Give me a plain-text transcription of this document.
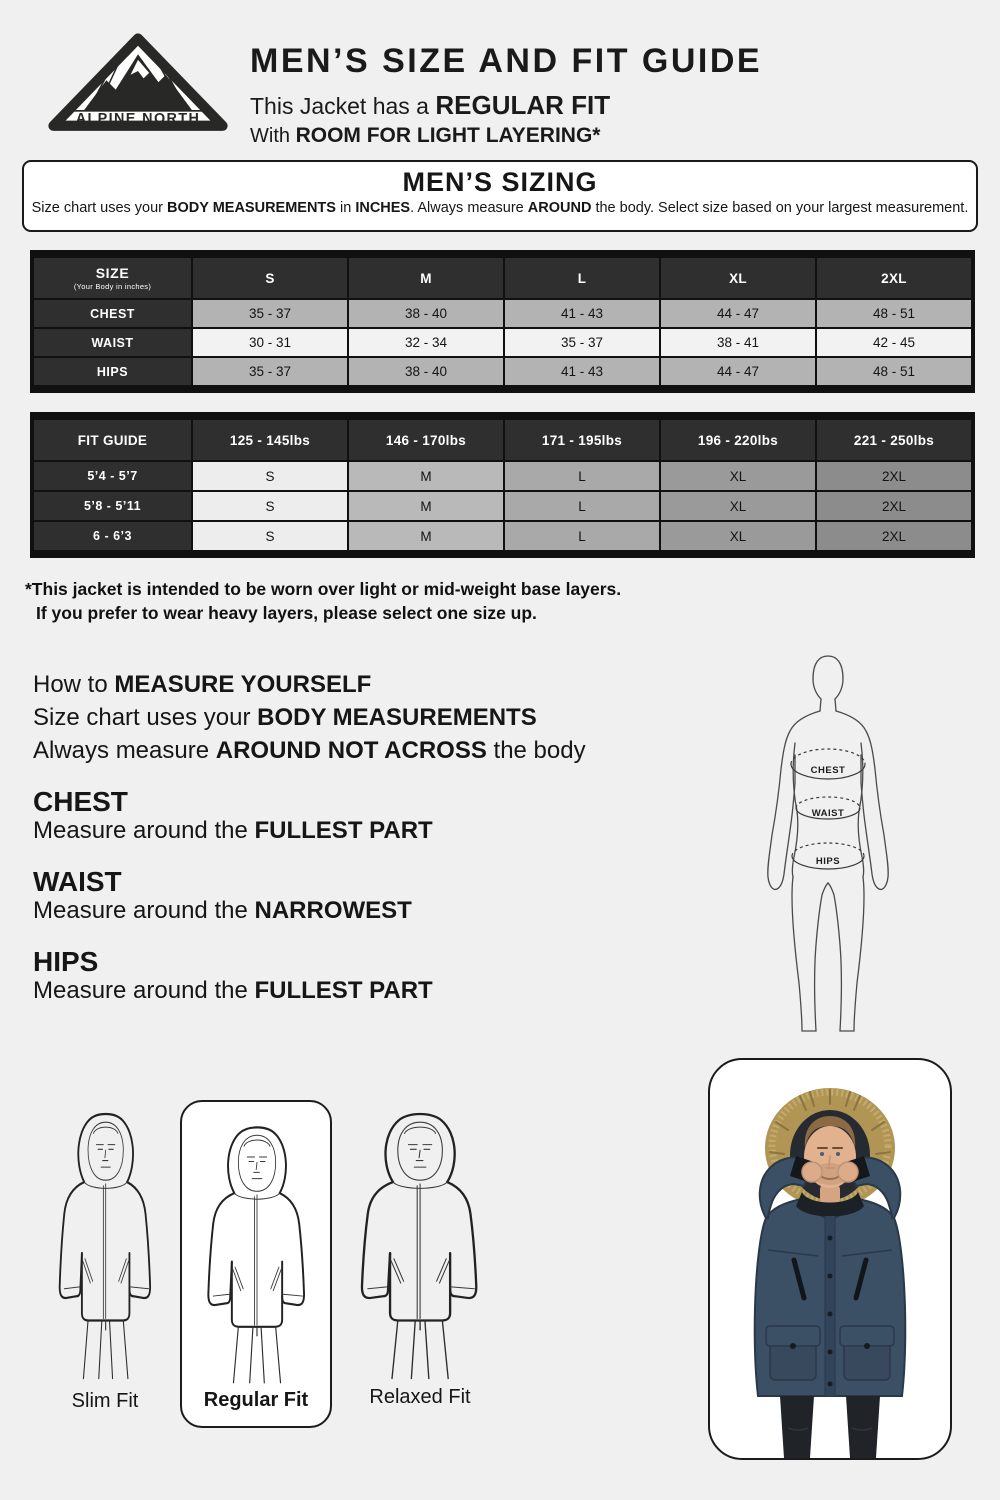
ALPINE NORTH
MEN’S SIZE AND FIT GUIDE

This Jacket has a REGULAR FIT

With ROOM FOR LIGHT LAYERING*

MEN’S SIZING

Size chart uses your BODY MEASUREMENTS in INCHES. Always measure AROUND the body. Select size based on your largest measurement.

SIZE
(Your Body in inches)
S	M	L	XL	2XL
CHEST	35 - 37	38 - 40	41 - 43	44 - 47	48 - 51
WAIST	30 - 31	32 - 34	35 - 37	38 - 41	42 - 45
HIPS	35 - 37	38 - 40	41 - 43	44 - 47	48 - 51
FIT GUIDE	125 - 145lbs	146 - 170lbs	171 - 195lbs	196 - 220lbs	221 - 250lbs
5’4 - 5’7	S	M	L	XL	2XL
5’8 - 5’11	S	M	L	XL	2XL
6 - 6’3	S	M	L	XL	2XL
*This jacket is intended to be worn over light or mid-weight base layers.
If you prefer to wear heavy layers, please select one size up.
How to MEASURE YOURSELF
Size chart uses your BODY MEASUREMENTS
Always measure AROUND NOT ACROSS the body
CHEST

Measure around the FULLEST PART

WAIST

Measure around the NARROWEST

HIPS

Measure around the FULLEST PART

CHEST
WAIST
HIPS
Slim Fit	Regular Fit	Relaxed Fit
